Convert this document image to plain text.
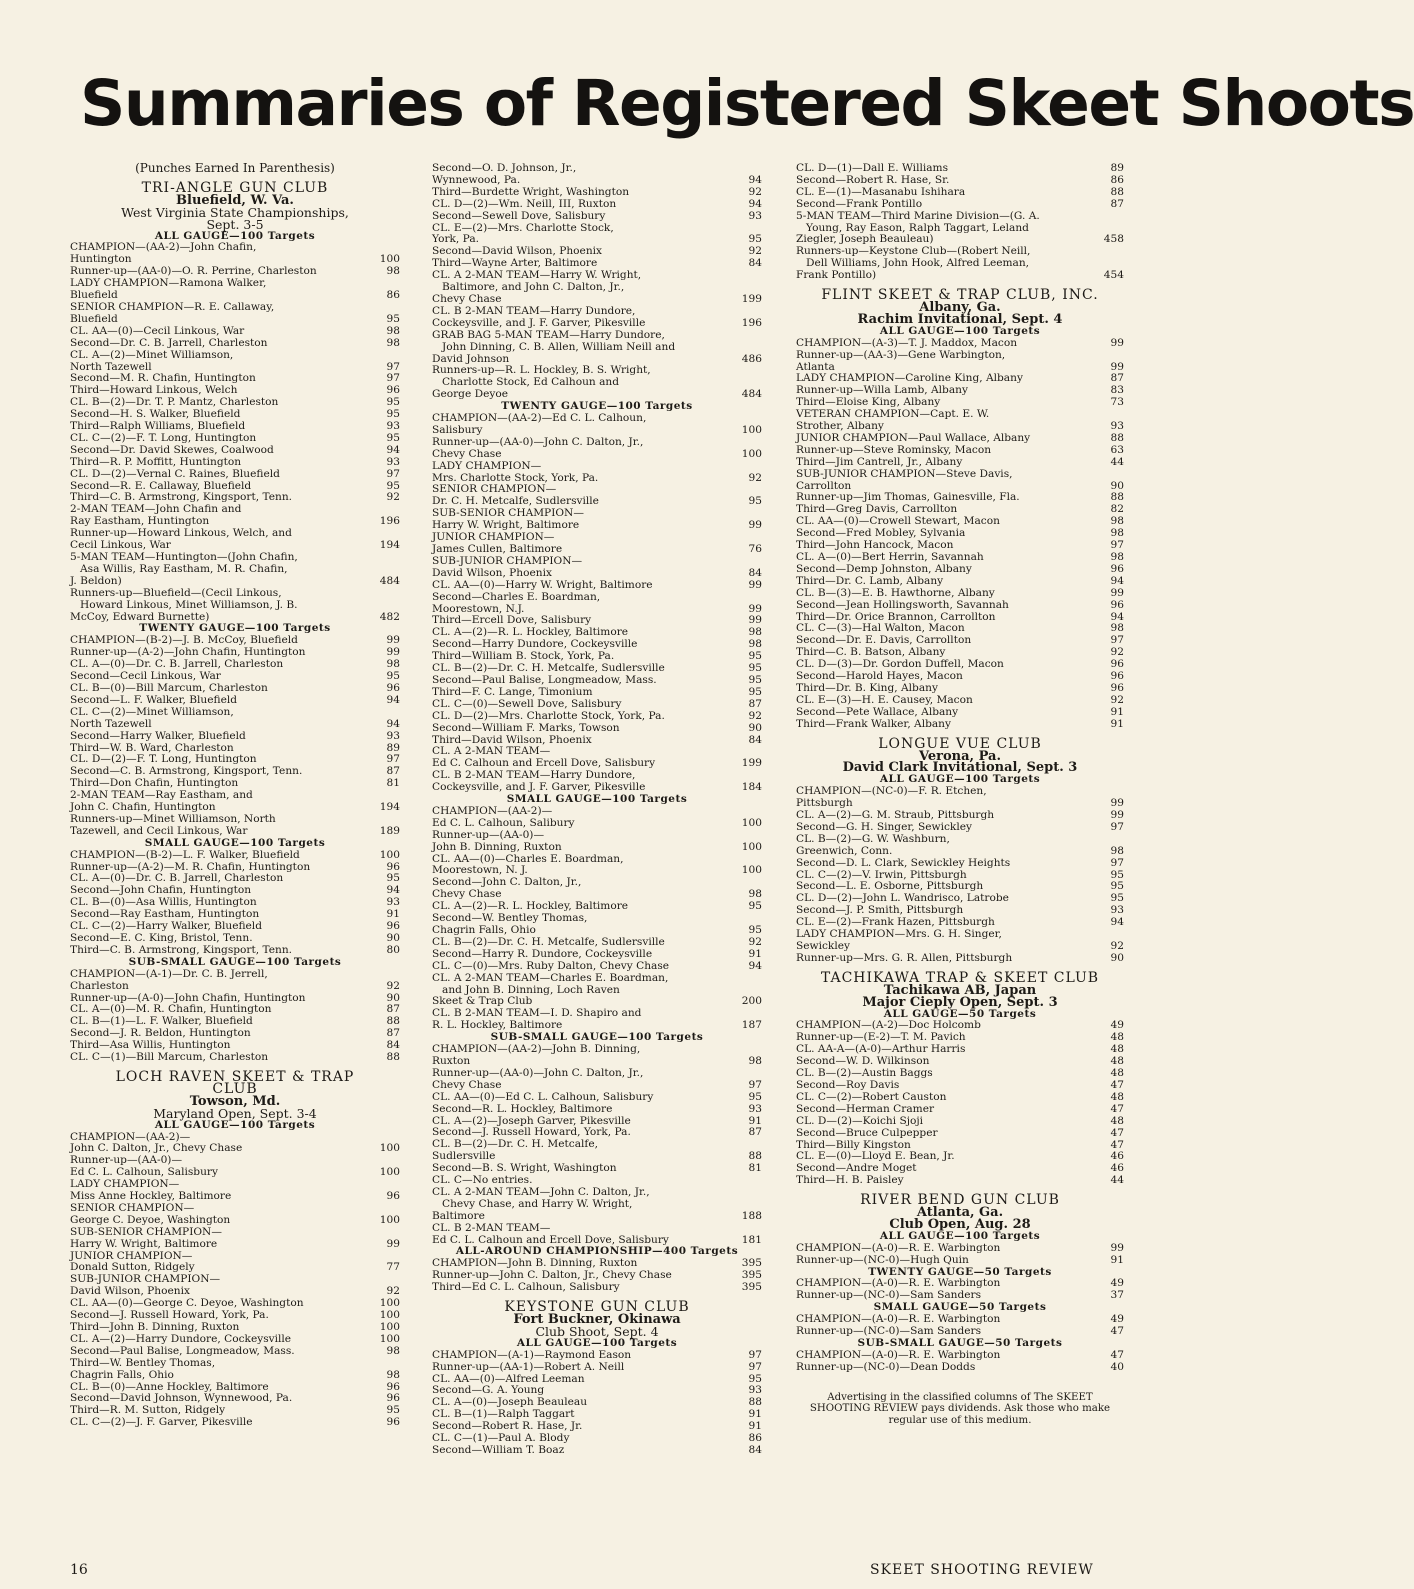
Summaries of Registered Skeet Shoots
(Punches Earned In Parenthesis)
TRI-ANGLE GUN CLUB
Bluefield, W. Va.
West Virginia State Championships,
Sept. 3-5
ALL GAUGE—100 Targets
CHAMPION—(AA-2)—John Chafin,
Huntington	100
Runner-up—(AA-0)—O. R. Perrine, Charleston	98
LADY CHAMPION—Ramona Walker,
Bluefield	86
SENIOR CHAMPION—R. E. Callaway,
Bluefield	95
CL. AA—(0)—Cecil Linkous, War	98
Second—Dr. C. B. Jarrell, Charleston	98
CL. A—(2)—Minet Williamson,
North Tazewell	97
Second—M. R. Chafin, Huntington	97
Third—Howard Linkous, Welch	96
CL. B—(2)—Dr. T. P. Mantz, Charleston	95
Second—H. S. Walker, Bluefield	95
Third—Ralph Williams, Bluefield	93
CL. C—(2)—F. T. Long, Huntington	95
Second—Dr. David Skewes, Coalwood	94
Third—R. P. Moffitt, Huntington	93
CL. D—(2)—Vernal C. Raines, Bluefield	97
Second—R. E. Callaway, Bluefield	95
Third—C. B. Armstrong, Kingsport, Tenn.	92
2-MAN TEAM—John Chafin and
Ray Eastham, Huntington	196
Runner-up—Howard Linkous, Welch, and
Cecil Linkous, War	194
5-MAN TEAM—Huntington—(John Chafin,
Asa Willis, Ray Eastham, M. R. Chafin,
J. Beldon)	484
Runners-up—Bluefield—(Cecil Linkous,
Howard Linkous, Minet Williamson, J. B.
McCoy, Edward Burnette)	482
TWENTY GAUGE—100 Targets
CHAMPION—(B-2)—J. B. McCoy, Bluefield	99
Runner-up—(A-2)—John Chafin, Huntington	99
CL. A—(0)—Dr. C. B. Jarrell, Charleston	98
Second—Cecil Linkous, War	95
CL. B—(0)—Bill Marcum, Charleston	96
Second—L. F. Walker, Bluefield	94
CL. C—(2)—Minet Williamson,
North Tazewell	94
Second—Harry Walker, Bluefield	93
Third—W. B. Ward, Charleston	89
CL. D—(2)—F. T. Long, Huntington	97
Second—C. B. Armstrong, Kingsport, Tenn.	87
Third—Don Chafin, Huntington	81
2-MAN TEAM—Ray Eastham, and
John C. Chafin, Huntington	194
Runners-up—Minet Williamson, North
Tazewell, and Cecil Linkous, War	189
SMALL GAUGE—100 Targets
CHAMPION—(B-2)—L. F. Walker, Bluefield	100
Runner-up—(A-2)—M. R. Chafin, Huntington	96
CL. A—(0)—Dr. C. B. Jarrell, Charleston	95
Second—John Chafin, Huntington	94
CL. B—(0)—Asa Willis, Huntington	93
Second—Ray Eastham, Huntington	91
CL. C—(2)—Harry Walker, Bluefield	96
Second—E. C. King, Bristol, Tenn.	90
Third—C. B. Armstrong, Kingsport, Tenn.	80
SUB-SMALL GAUGE—100 Targets
CHAMPION—(A-1)—Dr. C. B. Jerrell,
Charleston	92
Runner-up—(A-0)—John Chafin, Huntington	90
CL. A—(0)—M. R. Chafin, Huntington	87
CL. B—(1)—L. F. Walker, Bluefield	88
Second—J. R. Beldon, Huntington	87
Third—Asa Willis, Huntington	84
CL. C—(1)—Bill Marcum, Charleston	88
LOCH RAVEN SKEET & TRAP
CLUB
Towson, Md.
Maryland Open, Sept. 3-4
ALL GAUGE—100 Targets
CHAMPION—(AA-2)—
John C. Dalton, Jr., Chevy Chase	100
Runner-up—(AA-0)—
Ed C. L. Calhoun, Salisbury	100
LADY CHAMPION—
Miss Anne Hockley, Baltimore	96
SENIOR CHAMPION—
George C. Deyoe, Washington	100
SUB-SENIOR CHAMPION—
Harry W. Wright, Baltimore	99
JUNIOR CHAMPION—
Donald Sutton, Ridgely	77
SUB-JUNIOR CHAMPION—
David Wilson, Phoenix	92
CL. AA—(0)—George C. Deyoe, Washington	100
Second—J. Russell Howard, York, Pa.	100
Third—John B. Dinning, Ruxton	100
CL. A—(2)—Harry Dundore, Cockeysville	100
Second—Paul Balise, Longmeadow, Mass.	98
Third—W. Bentley Thomas,
Chagrin Falls, Ohio	98
CL. B—(0)—Anne Hockley, Baltimore	96
Second—David Johnson, Wynnewood, Pa.	96
Third—R. M. Sutton, Ridgely	95
CL. C—(2)—J. F. Garver, Pikesville	96
Second—O. D. Johnson, Jr.,
Wynnewood, Pa.	94
Third—Burdette Wright, Washington	92
CL. D—(2)—Wm. Neill, III, Ruxton	94
Second—Sewell Dove, Salisbury	93
CL. E—(2)—Mrs. Charlotte Stock,
York, Pa.	95
Second—David Wilson, Phoenix	92
Third—Wayne Arter, Baltimore	84
CL. A 2-MAN TEAM—Harry W. Wright,
Baltimore, and John C. Dalton, Jr.,
Chevy Chase	199
CL. B 2-MAN TEAM—Harry Dundore,
Cockeysville, and J. F. Garver, Pikesville	196
GRAB BAG 5-MAN TEAM—Harry Dundore,
John Dinning, C. B. Allen, William Neill and
David Johnson	486
Runners-up—R. L. Hockley, B. S. Wright,
Charlotte Stock, Ed Calhoun and
George Deyoe	484
TWENTY GAUGE—100 Targets
CHAMPION—(AA-2)—Ed C. L. Calhoun,
Salisbury	100
Runner-up—(AA-0)—John C. Dalton, Jr.,
Chevy Chase	100
LADY CHAMPION—
Mrs. Charlotte Stock, York, Pa.	92
SENIOR CHAMPION—
Dr. C. H. Metcalfe, Sudlersville	95
SUB-SENIOR CHAMPION—
Harry W. Wright, Baltimore	99
JUNIOR CHAMPION—
James Cullen, Baltimore	76
SUB-JUNIOR CHAMPION—
David Wilson, Phoenix	84
CL. AA—(0)—Harry W. Wright, Baltimore	99
Second—Charles E. Boardman,
Moorestown, N.J.	99
Third—Ercell Dove, Salisbury	99
CL. A—(2)—R. L. Hockley, Baltimore	98
Second—Harry Dundore, Cockeysville	98
Third—William B. Stock, York, Pa.	95
CL. B—(2)—Dr. C. H. Metcalfe, Sudlersville	95
Second—Paul Balise, Longmeadow, Mass.	95
Third—F. C. Lange, Timonium	95
CL. C—(0)—Sewell Dove, Salisbury	87
CL. D—(2)—Mrs. Charlotte Stock, York, Pa.	92
Second—William F. Marks, Towson	90
Third—David Wilson, Phoenix	84
CL. A 2-MAN TEAM—
Ed C. Calhoun and Ercell Dove, Salisbury	199
CL. B 2-MAN TEAM—Harry Dundore,
Cockeysville, and J. F. Garver, Pikesville	184
SMALL GAUGE—100 Targets
CHAMPION—(AA-2)—
Ed C. L. Calhoun, Salibury	100
Runner-up—(AA-0)—
John B. Dinning, Ruxton	100
CL. AA—(0)—Charles E. Boardman,
Moorestown, N. J.	100
Second—John C. Dalton, Jr.,
Chevy Chase	98
CL. A—(2)—R. L. Hockley, Baltimore	95
Second—W. Bentley Thomas,
Chagrin Falls, Ohio	95
CL. B—(2)—Dr. C. H. Metcalfe, Sudlersville	92
Second—Harry R. Dundore, Cockeysville	91
CL. C—(0)—Mrs. Ruby Dalton, Chevy Chase	94
CL. A 2-MAN TEAM—Charles E. Boardman,
and John B. Dinning, Loch Raven
Skeet & Trap Club	200
CL. B 2-MAN TEAM—I. D. Shapiro and
R. L. Hockley, Baltimore	187
SUB-SMALL GAUGE—100 Targets
CHAMPION—(AA-2)—John B. Dinning,
Ruxton	98
Runner-up—(AA-0)—John C. Dalton, Jr.,
Chevy Chase	97
CL. AA—(0)—Ed C. L. Calhoun, Salisbury	95
Second—R. L. Hockley, Baltimore	93
CL. A—(2)—Joseph Garver, Pikesville	91
Second—J. Russell Howard, York, Pa.	87
CL. B—(2)—Dr. C. H. Metcalfe,
Sudlersville	88
Second—B. S. Wright, Washington	81
CL. C—No entries.
CL. A 2-MAN TEAM—John C. Dalton, Jr.,
Chevy Chase, and Harry W. Wright,
Baltimore	188
CL. B 2-MAN TEAM—
Ed C. L. Calhoun and Ercell Dove, Salisbury	181
ALL-AROUND CHAMPIONSHIP—400 Targets
CHAMPION—John B. Dinning, Ruxton	395
Runner-up—John C. Dalton, Jr., Chevy Chase	395
Third—Ed C. L. Calhoun, Salisbury	395
KEYSTONE GUN CLUB
Fort Buckner, Okinawa
Club Shoot, Sept. 4
ALL GAUGE—100 Targets
CHAMPION—(A-1)—Raymond Eason	97
Runner-up—(AA-1)—Robert A. Neill	97
CL. AA—(0)—Alfred Leeman	95
Second—G. A. Young	93
CL. A—(0)—Joseph Beauleau	88
CL. B—(1)—Ralph Taggart	91
Second—Robert R. Hase, Jr.	91
CL. C—(1)—Paul A. Blody	86
Second—William T. Boaz	84
CL. D—(1)—Dall E. Williams	89
Second—Robert R. Hase, Sr.	86
CL. E—(1)—Masanabu Ishihara	88
Second—Frank Pontillo	87
5-MAN TEAM—Third Marine Division—(G. A.
Young, Ray Eason, Ralph Taggart, Leland
Ziegler, Joseph Beauleau)	458
Runners-up—Keystone Club—(Robert Neill,
Dell Williams, John Hook, Alfred Leeman,
Frank Pontillo)	454
FLINT SKEET & TRAP CLUB, INC.
Albany, Ga.
Rachim Invitational, Sept. 4
ALL GAUGE—100 Targets
CHAMPION—(A-3)—T. J. Maddox, Macon	99
Runner-up—(AA-3)—Gene Warbington,
Atlanta	99
LADY CHAMPION—Caroline King, Albany	87
Runner-up—Willa Lamb, Albany	83
Third—Eloise King, Albany	73
VETERAN CHAMPION—Capt. E. W.
Strother, Albany	93
JUNIOR CHAMPION—Paul Wallace, Albany	88
Runner-up—Steve Rominsky, Macon	63
Third—Jim Cantrell, Jr., Albany	44
SUB-JUNIOR CHAMPION—Steve Davis,
Carrollton	90
Runner-up—Jim Thomas, Gainesville, Fla.	88
Third—Greg Davis, Carrollton	82
CL. AA—(0)—Crowell Stewart, Macon	98
Second—Fred Mobley, Sylvania	98
Third—John Hancock, Macon	97
CL. A—(0)—Bert Herrin, Savannah	98
Second—Demp Johnston, Albany	96
Third—Dr. C. Lamb, Albany	94
CL. B—(3)—E. B. Hawthorne, Albany	99
Second—Jean Hollingsworth, Savannah	96
Third—Dr. Orice Brannon, Carrollton	94
CL. C—(3)—Hal Walton, Macon	98
Second—Dr. E. Davis, Carrollton	97
Third—C. B. Batson, Albany	92
CL. D—(3)—Dr. Gordon Duffell, Macon	96
Second—Harold Hayes, Macon	96
Third—Dr. B. King, Albany	96
CL. E—(3)—H. E. Causey, Macon	92
Second—Pete Wallace, Albany	91
Third—Frank Walker, Albany	91
LONGUE VUE CLUB
Verona, Pa.
David Clark Invitational, Sept. 3
ALL GAUGE—100 Targets
CHAMPION—(NC-0)—F. R. Etchen,
Pittsburgh	99
CL. A—(2)—G. M. Straub, Pittsburgh	99
Second—G. H. Singer, Sewickley	97
CL. B—(2)—G. W. Washburn,
Greenwich, Conn.	98
Second—D. L. Clark, Sewickley Heights	97
CL. C—(2)—V. Irwin, Pittsburgh	95
Second—L. E. Osborne, Pittsburgh	95
CL. D—(2)—John L. Wandrisco, Latrobe	95
Second—J. P. Smith, Pittsburgh	93
CL. E—(2)—Frank Hazen, Pittsburgh	94
LADY CHAMPION—Mrs. G. H. Singer,
Sewickley	92
Runner-up—Mrs. G. R. Allen, Pittsburgh	90
TACHIKAWA TRAP & SKEET CLUB
Tachikawa AB, Japan
Major Cieply Open, Sept. 3
ALL GAUGE—50 Targets
CHAMPION—(A-2)—Doc Holcomb	49
Runner-up—(E-2)—T. M. Pavich	48
CL. AA-A—(A-0)—Arthur Harris	48
Second—W. D. Wilkinson	48
CL. B—(2)—Austin Baggs	48
Second—Roy Davis	47
CL. C—(2)—Robert Causton	48
Second—Herman Cramer	47
CL. D—(2)—Koichi Sjoji	48
Second—Bruce Culpepper	47
Third—Billy Kingston	47
CL. E—(0)—Lloyd E. Bean, Jr.	46
Second—Andre Moget	46
Third—H. B. Paisley	44
RIVER BEND GUN CLUB
Atlanta, Ga.
Club Open, Aug. 28
ALL GAUGE—100 Targets
CHAMPION—(A-0)—R. E. Warbington	99
Runner-up—(NC-0)—Hugh Quin	91
TWENTY GAUGE—50 Targets
CHAMPION—(A-0)—R. E. Warbington	49
Runner-up—(NC-0)—Sam Sanders	37
SMALL GAUGE—50 Targets
CHAMPION—(A-0)—R. E. Warbington	49
Runner-up—(NC-0)—Sam Sanders	47
SUB-SMALL GAUGE—50 Targets
CHAMPION—(A-0)—R. E. Warbington	47
Runner-up—(NC-0)—Dean Dodds	40
Advertising in the classified columns of The SKEET SHOOTING REVIEW pays dividends. Ask those who make regular use of this medium.
16	SKEET SHOOTING REVIEW
